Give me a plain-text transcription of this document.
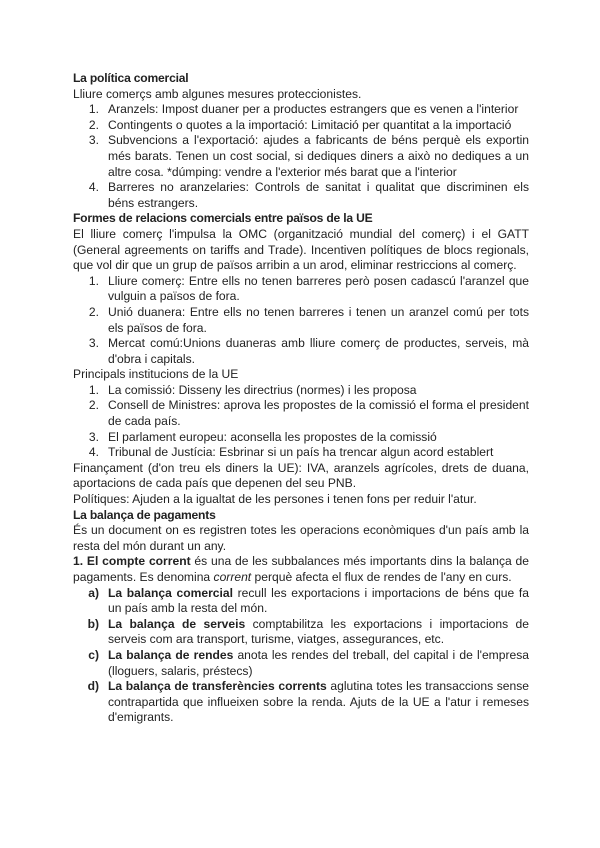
La política comercial

Lliure comerçs amb algunes mesures proteccionistes.

1. Aranzels: Impost duaner per a productes estrangers que es venen a l'interior
2. Contingents o quotes a la importació: Limitació per quantitat a la importació
3. Subvencions a l'exportació: ajudes a fabricants de béns perquè els exportin més barats. Tenen un cost social, si dediques diners a això no dediques a un altre cosa. *dúmping: vendre a l'exterior més barat que a l'interior
4. Barreres no aranzelaries: Controls de sanitat i qualitat que discriminen els béns estrangers.

Formes de relacions comercials entre països de la UE

El lliure comerç l'impulsa la OMC (organització mundial del comerç) i el GATT (General agreements on tariffs and Trade). Incentiven polítiques de blocs regionals, que vol dir que un grup de països arribin a un arod, eliminar restriccions al comerç.

1. Lliure comerç: Entre ells no tenen barreres però posen cadascú l'aranzel que vulguin a països de fora.
2. Unió duanera: Entre ells no tenen barreres i tenen un aranzel comú per tots els països de fora.
3. Mercat comú:Unions duaneras amb lliure comerç de productes, serveis, mà d'obra i capitals.

Principals institucions de la UE

1. La comissió: Disseny les directrius (normes) i les proposa
2. Consell de Ministres: aprova les propostes de la comissió el forma el president de cada país.
3. El parlament europeu: aconsella les propostes de la comissió
4. Tribunal de Justícia: Esbrinar si un país ha trencar algun acord establert

Finançament (d'on treu els diners la UE): IVA, aranzels agrícoles, drets de duana, aportacions de cada país que depenen del seu PNB.

Polítiques: Ajuden a la igualtat de les persones i tenen fons per reduir l'atur.

La balança de pagaments

És un document on es registren totes les operacions econòmiques d'un país amb la resta del món durant un any.

1. El compte corrent és una de les subbalances més importants dins la balança de pagaments. Es denomina corrent perquè afecta el flux de rendes de l'any en curs.

a) La balança comercial recull les exportacions i importacions de béns que fa un país amb la resta del món.
b) La balança de serveis comptabilitza les exportacions i importacions de serveis com ara transport, turisme, viatges, assegurances, etc.
c) La balança de rendes anota les rendes del treball, del capital i de l'empresa (lloguers, salaris, préstecs)
d) La balança de transferències corrents aglutina totes les transaccions sense contrapartida que influeixen sobre la renda. Ajuts de la UE a l'atur i remeses d'emigrants.
